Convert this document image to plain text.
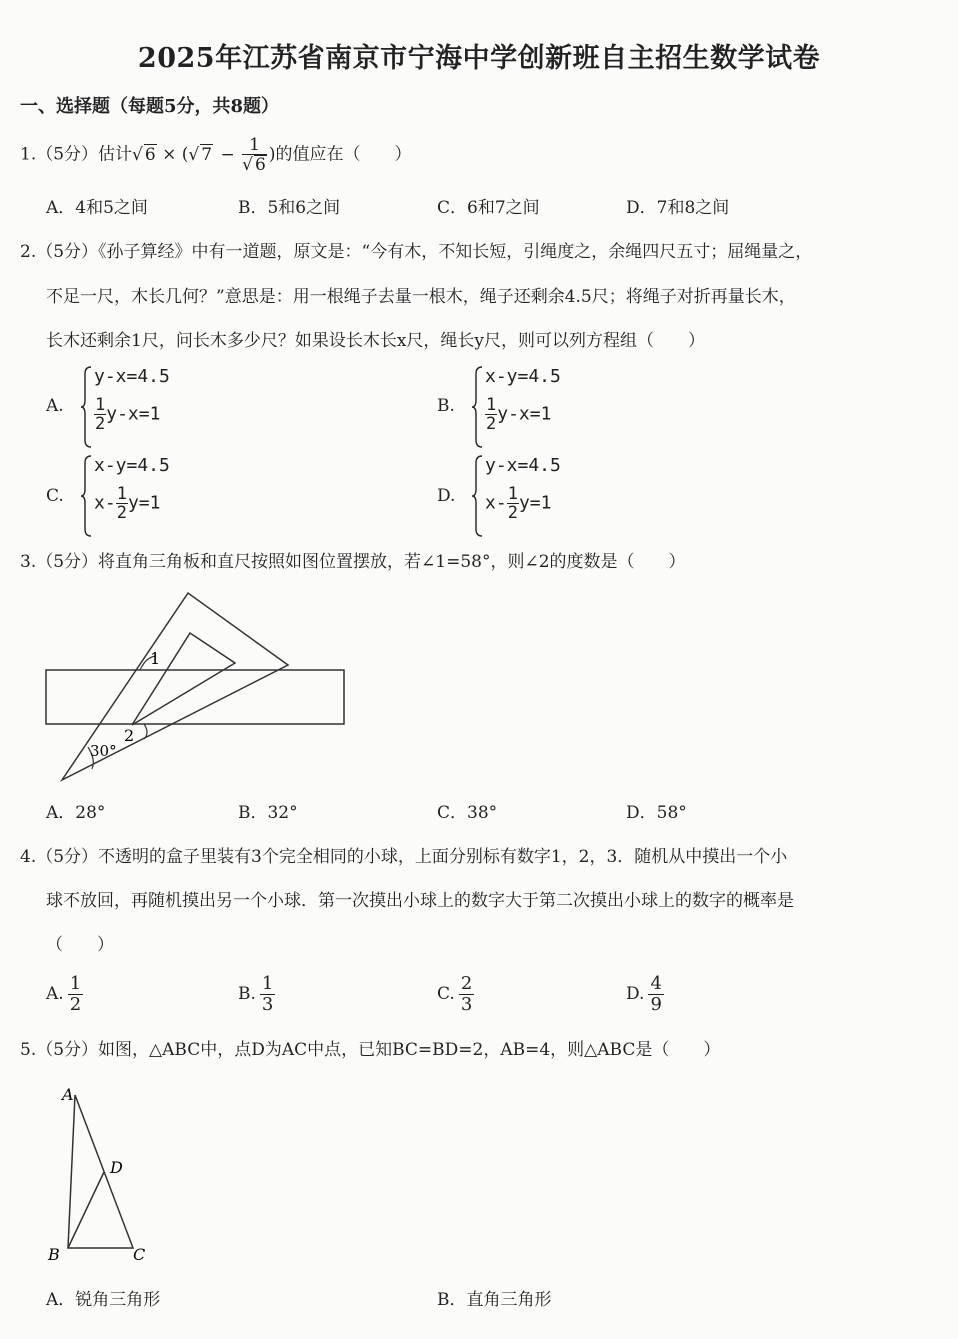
2025年江苏省南京市宁海中学创新班自主招生数学试卷
一、选择题（每题5分，共8题）
1.（5分）估计√ 6 × (√ $7 - \frac{1}{√ 6}$ )的值应在（　　）
A．4和5之间	B．5和6之间	C．6和7之间	D．7和8之间
2.（5分）《孙子算经》中有一道题，原文是：“今有木，不知长短，引绳度之，余绳四尺五寸；屈绳量之，
不足一尺，木长几何？”意思是：用一根绳子去量一根木，绳子还剩余4.5尺；将绳子对折再量长木，
长木还剩余1尺，问长木多少尺？如果设长木长x尺，绳长y尺，则可以列方程组（　　）
A.
y-x=4.5
$\frac{1}{2} y-x=1$	B.
x-y=4.5
$\frac{1}{2} y-x=1$
C.
x-y=4.5
$x- \frac{1}{2} y=1$	D.
y-x=4.5
$x- \frac{1}{2} y=1$
3.（5分）将直角三角板和直尺按照如图位置摆放，若∠1=58°，则∠2的度数是（　　）
1
2
30°
A．28°	B．32°	C．38°	D．58°
4.（5分）不透明的盒子里装有3个完全相同的小球，上面分别标有数字1，2，3．随机从中摸出一个小
球不放回，再随机摸出另一个小球．第一次摸出小球上的数字大于第二次摸出小球上的数字的概率是
（　　）
A. $\frac{1}{2}$	B. $\frac{1}{3}$	C. $\frac{2}{3}$	D. $\frac{4}{9}$
5.（5分）如图，△ABC中，点D为AC中点，已知BC=BD=2，AB=4，则△ABC是（　　）
A
D
B	C
A．锐角三角形	B．直角三角形
